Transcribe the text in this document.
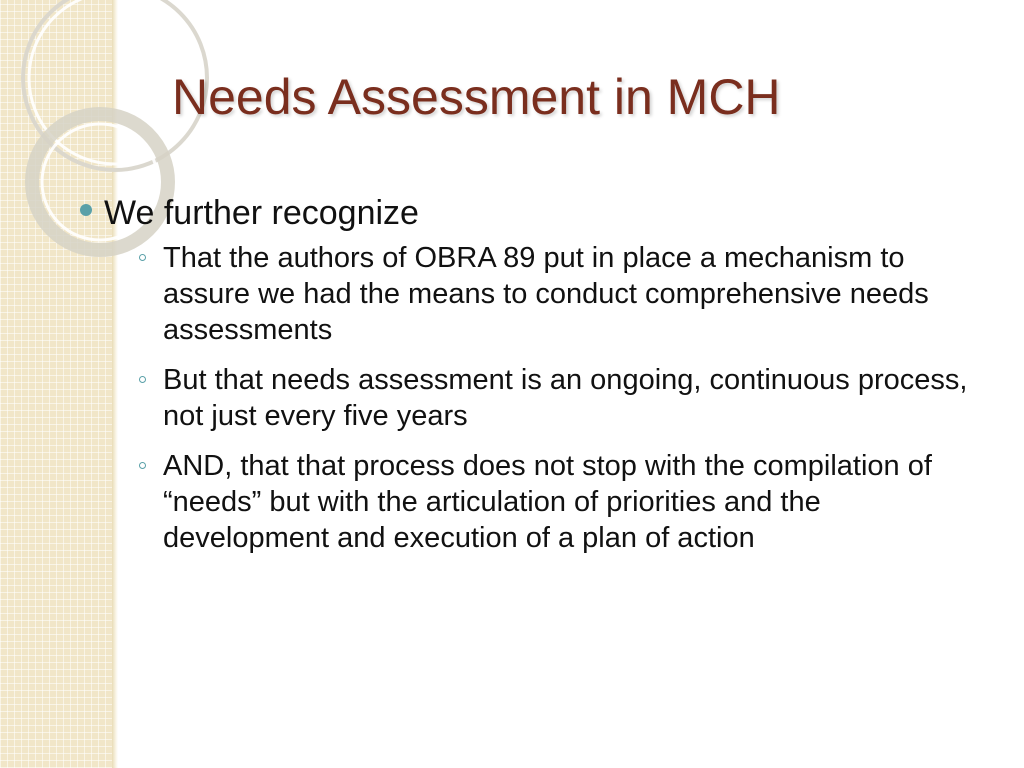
Needs Assessment in MCH
We further recognize
That the authors of OBRA 89 put in place a mechanism to assure we had the means to conduct comprehensive needs assessments
But that needs assessment is an ongoing, continuous process, not just every five years
AND, that that process does not stop with the compilation of “needs” but with the articulation of priorities and the development and execution of a plan of action
